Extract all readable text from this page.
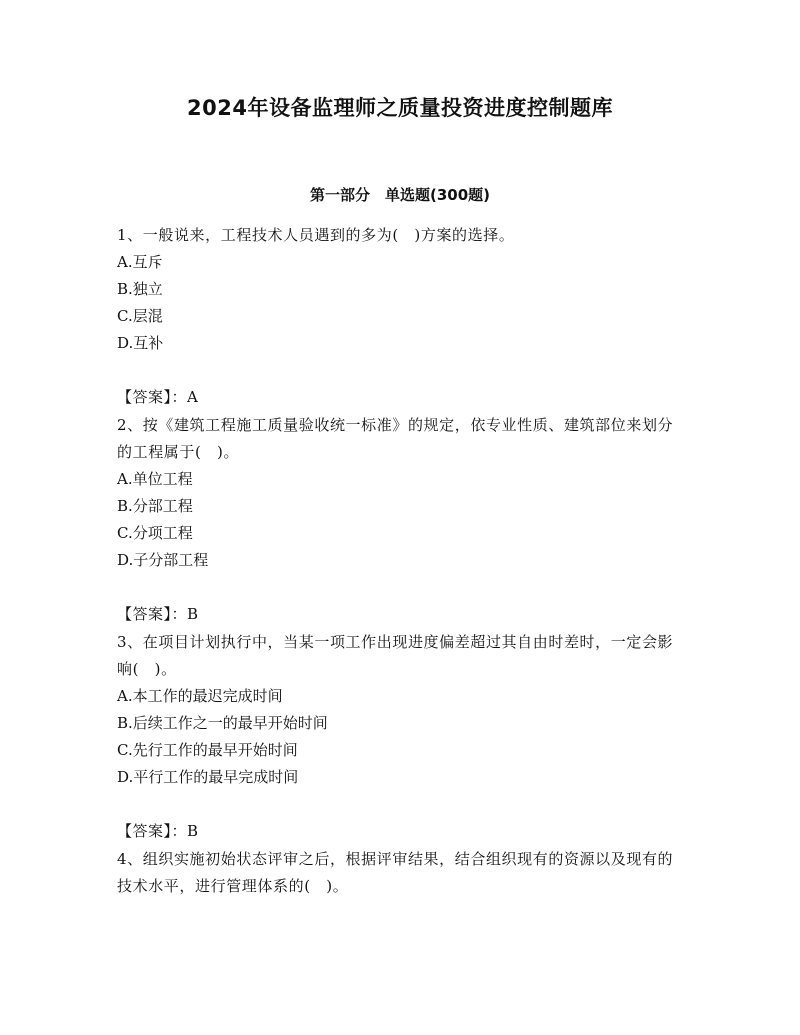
2024年设备监理师之质量投资进度控制题库
第一部分　单选题(300题)

1、一般说来，工程技术人员遇到的多为(　)方案的选择。

A.互斥

B.独立

C.层混

D.互补

【答案】：A

2、按《建筑工程施工质量验收统一标准》的规定，依专业性质、建筑部位来划分的工程属于(　)。

A.单位工程

B.分部工程

C.分项工程

D.子分部工程

【答案】：B

3、在项目计划执行中，当某一项工作出现进度偏差超过其自由时差时，一定会影响(　)。

A.本工作的最迟完成时间

B.后续工作之一的最早开始时间

C.先行工作的最早开始时间

D.平行工作的最早完成时间

【答案】：B

4、组织实施初始状态评审之后，根据评审结果，结合组织现有的资源以及现有的技术水平，进行管理体系的(　)。
